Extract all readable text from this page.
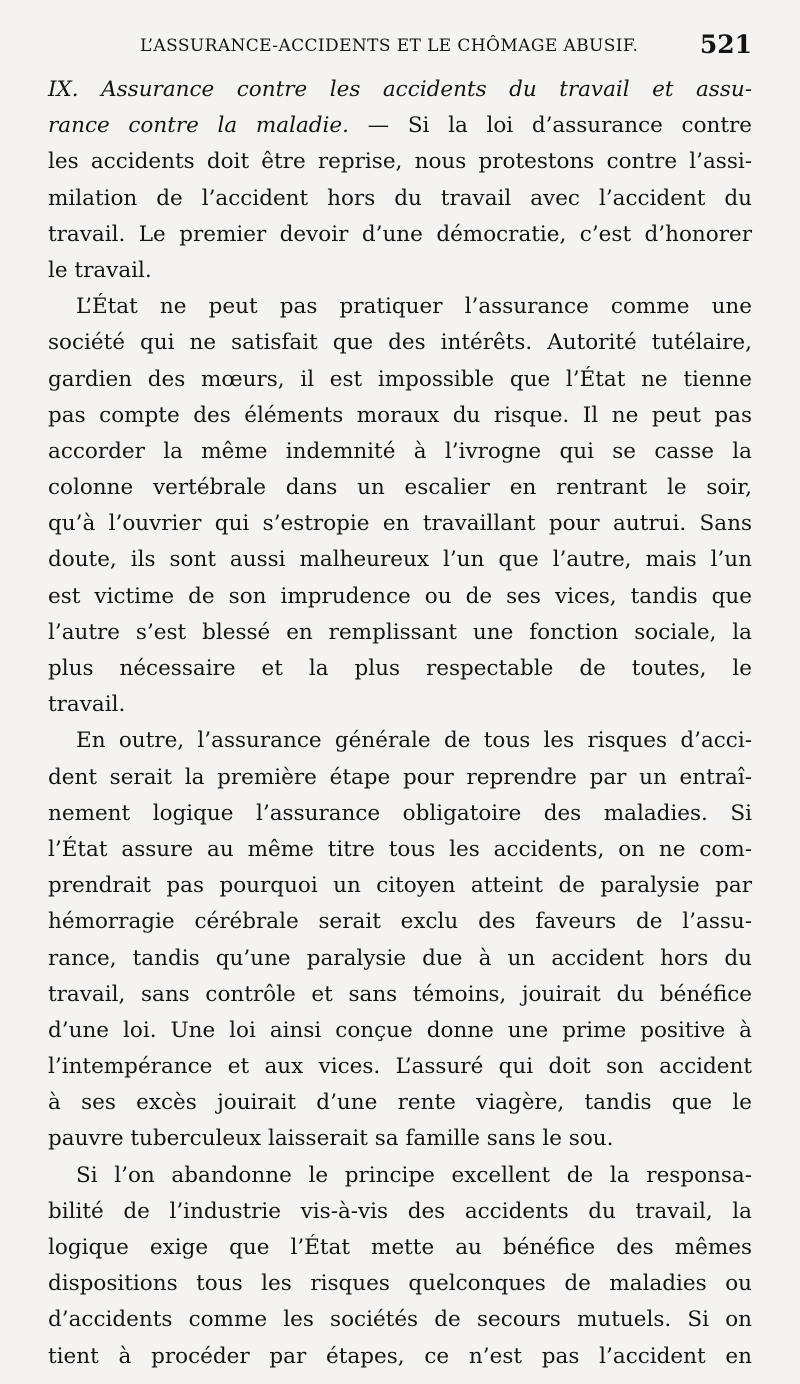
L’ASSURANCE-ACCIDENTS ET LE CHÔMAGE ABUSIF. 521
IX. Assurance contre les accidents du travail et assu-
rance contre la maladie. — Si la loi d’assurance contre
les accidents doit être reprise, nous protestons contre l’assi-
milation de l’accident hors du travail avec l’accident du
travail. Le premier devoir d’une démocratie, c’est d’honorer
le travail.
L’État ne peut pas pratiquer l’assurance comme une
société qui ne satisfait que des intérêts. Autorité tutélaire,
gardien des mœurs, il est impossible que l’État ne tienne
pas compte des éléments moraux du risque. Il ne peut pas
accorder la même indemnité à l’ivrogne qui se casse la
colonne vertébrale dans un escalier en rentrant le soir,
qu’à l’ouvrier qui s’estropie en travaillant pour autrui. Sans
doute, ils sont aussi malheureux l’un que l’autre, mais l’un
est victime de son imprudence ou de ses vices, tandis que
l’autre s’est blessé en remplissant une fonction sociale, la
plus nécessaire et la plus respectable de toutes, le
travail.
En outre, l’assurance générale de tous les risques d’acci-
dent serait la première étape pour reprendre par un entraî-
nement logique l’assurance obligatoire des maladies. Si
l’État assure au même titre tous les accidents, on ne com-
prendrait pas pourquoi un citoyen atteint de paralysie par
hémorragie cérébrale serait exclu des faveurs de l’assu-
rance, tandis qu’une paralysie due à un accident hors du
travail, sans contrôle et sans témoins, jouirait du bénéfice
d’une loi. Une loi ainsi conçue donne une prime positive à
l’intempérance et aux vices. L’assuré qui doit son accident
à ses excès jouirait d’une rente viagère, tandis que le
pauvre tuberculeux laisserait sa famille sans le sou.
Si l’on abandonne le principe excellent de la responsa-
bilité de l’industrie vis-à-vis des accidents du travail, la
logique exige que l’État mette au bénéfice des mêmes
dispositions tous les risques quelconques de maladies ou
d’accidents comme les sociétés de secours mutuels. Si on
tient à procéder par étapes, ce n’est pas l’accident en
